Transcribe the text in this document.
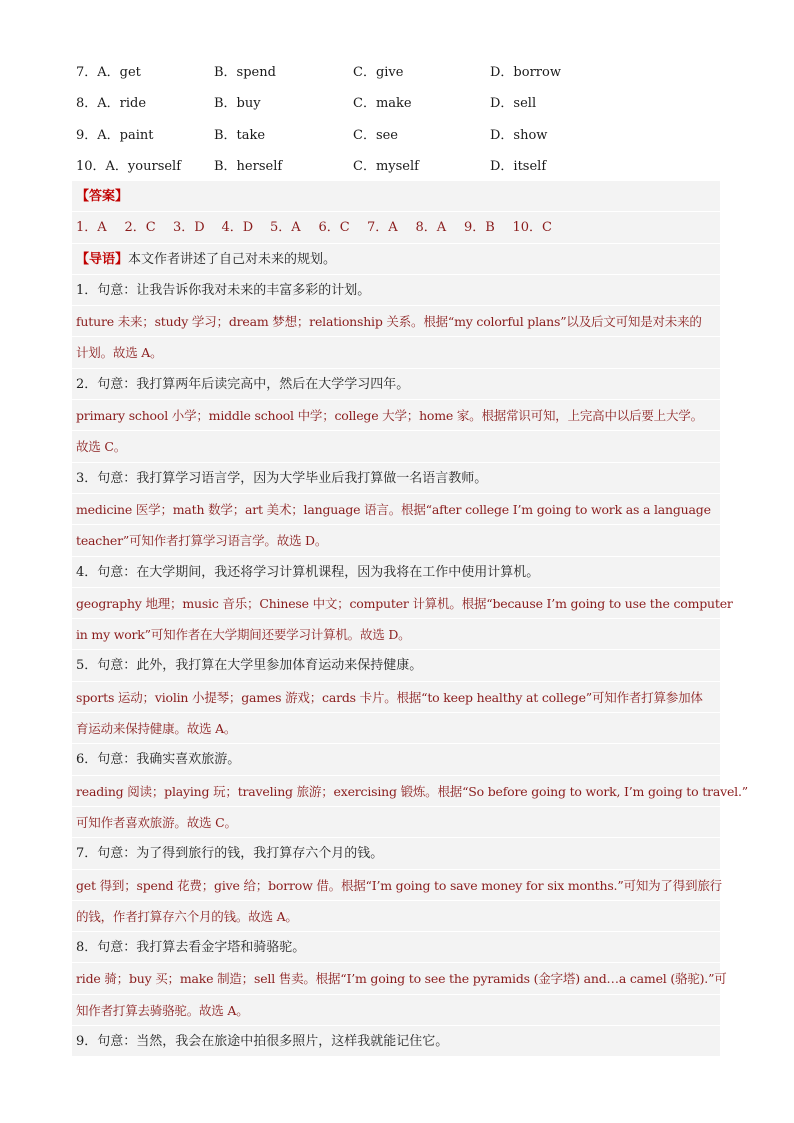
7．A．get	B．spend	C．give	D．borrow
8．A．ride	B．buy	C．make	D．sell
9．A．paint	B．take	C．see	D．show
10．A．yourself	B．herself	C．myself	D．itself
【答案】
1．A 2．C 3．D 4．D 5．A 6．C 7．A 8．A 9．B 10．C
【导语】本文作者讲述了自己对未来的规划。
1．句意：让我告诉你我对未来的丰富多彩的计划。
future 未来；study 学习；dream 梦想；relationship 关系。根据“my colorful plans”以及后文可知是对未来的
计划。故选 A。
2．句意：我打算两年后读完高中，然后在大学学习四年。
primary school 小学；middle school 中学；college 大学；home 家。根据常识可知，上完高中以后要上大学。
故选 C。
3．句意：我打算学习语言学，因为大学毕业后我打算做一名语言教师。
medicine 医学；math 数学；art 美术；language 语言。根据“after college I’m going to work as a language
teacher”可知作者打算学习语言学。故选 D。
4．句意：在大学期间，我还将学习计算机课程，因为我将在工作中使用计算机。
geography 地理；music 音乐；Chinese 中文；computer 计算机。根据“because I’m going to use the computer
in my work”可知作者在大学期间还要学习计算机。故选 D。
5．句意：此外，我打算在大学里参加体育运动来保持健康。
sports 运动；violin 小提琴；games 游戏；cards 卡片。根据“to keep healthy at college”可知作者打算参加体
育运动来保持健康。故选 A。
6．句意：我确实喜欢旅游。
reading 阅读；playing 玩；traveling 旅游；exercising 锻炼。根据“So before going to work, I’m going to travel.”
可知作者喜欢旅游。故选 C。
7．句意：为了得到旅行的钱，我打算存六个月的钱。
get 得到；spend 花费；give 给；borrow 借。根据“I’m going to save money for six months.”可知为了得到旅行
的钱，作者打算存六个月的钱。故选 A。
8．句意：我打算去看金字塔和骑骆驼。
ride 骑；buy 买；make 制造；sell 售卖。根据“I’m going to see the pyramids (金字塔) and…a camel (骆驼).”可
知作者打算去骑骆驼。故选 A。
9．句意：当然，我会在旅途中拍很多照片，这样我就能记住它。
